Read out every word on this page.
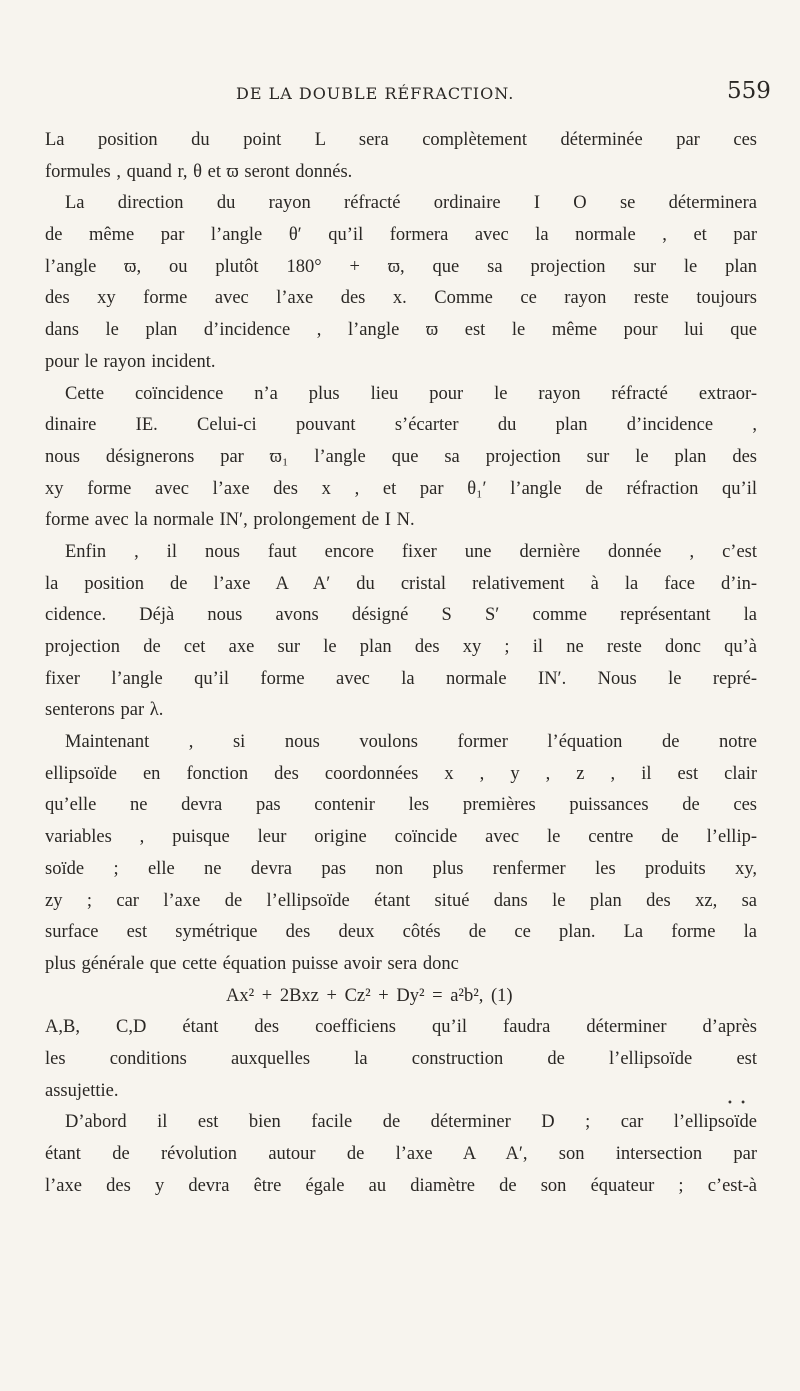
DE LA DOUBLE RÉFRACTION.	559
La position du point L sera complètement déterminée par ces
formules , quand r, θ et ϖ seront donnés.
La direction du rayon réfracté ordinaire I O se déterminera
de même par l’angle θ′ qu’il formera avec la normale , et par
l’angle ϖ, ou plutôt 180° + ϖ, que sa projection sur le plan
des xy forme avec l’axe des x. Comme ce rayon reste toujours
dans le plan d’incidence , l’angle ϖ est le même pour lui que
pour le rayon incident.
Cette coïncidence n’a plus lieu pour le rayon réfracté extraor-
dinaire IE. Celui-ci pouvant s’écarter du plan d’incidence ,
nous désignerons par ϖ₁ l’angle que sa projection sur le plan des
xy forme avec l’axe des x , et par θ₁′ l’angle de réfraction qu’il
forme avec la normale IN′, prolongement de I N.
Enfin , il nous faut encore fixer une dernière donnée , c’est
la position de l’axe A A′ du cristal relativement à la face d’in-
cidence. Déjà nous avons désigné S S′ comme représentant la
projection de cet axe sur le plan des xy ; il ne reste donc qu’à
fixer l’angle qu’il forme avec la normale IN′. Nous le repré-
senterons par λ.
Maintenant , si nous voulons former l’équation de notre
ellipsoïde en fonction des coordonnées x , y , z , il est clair
qu’elle ne devra pas contenir les premières puissances de ces
variables , puisque leur origine coïncide avec le centre de l’ellip-
soïde ; elle ne devra pas non plus renfermer les produits xy,
zy ; car l’axe de l’ellipsoïde étant situé dans le plan des xz, sa
surface est symétrique des deux côtés de ce plan. La forme la
plus générale que cette équation puisse avoir sera donc
Ax² + 2Bxz + Cz² + Dy² = a²b², (1)
A,B, C,D étant des coefficiens qu’il faudra déterminer d’après
les conditions auxquelles la construction de l’ellipsoïde est
assujettie.
D’abord il est bien facile de déterminer D ; car l’ellipsoïde
étant de révolution autour de l’axe A A′, son intersection par
l’axe des y devra être égale au diamètre de son équateur ; c’est-à
• •
